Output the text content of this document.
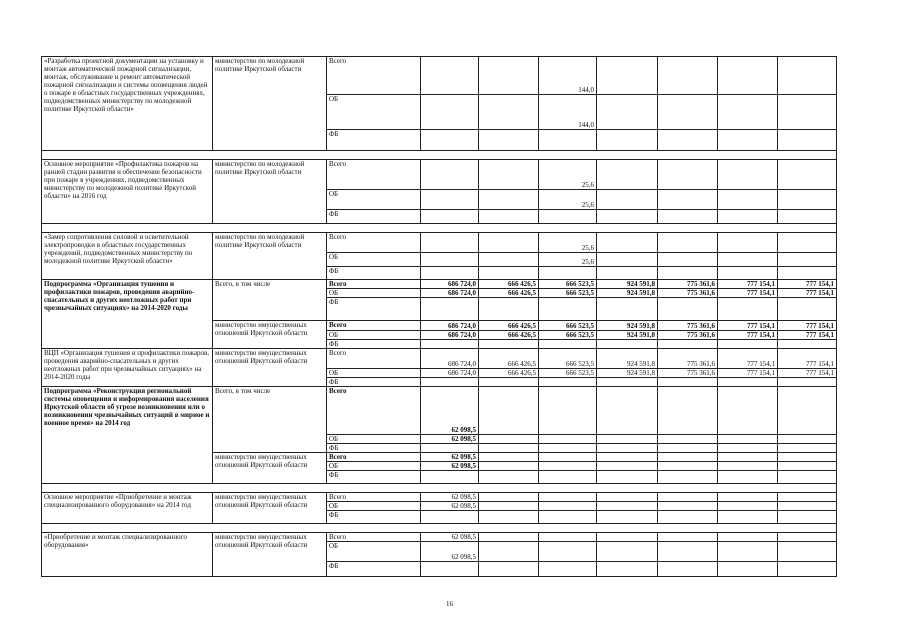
«Разработка проектной документации на установку и монтаж автоматической пожарной сигнализации, монтаж, обслуживание и ремонт автоматической пожарной сигнализации и системы оповещения людей о пожаре в областных государственных учреждениях, подведомственных министерству по молодежной политике Иркутской области»	министерство по молодежной политике Иркутской области	Всего			144,0				
		ОБ			144,0				
		ФБ							

Основное мероприятие «Профилактика пожаров на ранней стадии развития и обеспечение безопасности при пожаре в учреждениях, подведомственных министерству по молодежной политике Иркутской области» на 2016 год	министерство по молодежной политике Иркутской области	Всего			25,6				
		ОБ			25,6				
		ФБ							

«Замер сопротивления силовой и осветительной электропроводки в областных государственных учреждений, подведомственных министерству по молодежной политике Иркутской области»	министерство по молодежной политике Иркутской области	Всего			25,6				
		ОБ			25,6				
		ФБ							
Подпрограмма «Организация тушения и профилактики пожаров, проведения аварийно-спасательных и других неотложных работ при чрезвычайных ситуациях» на 2014-2020 годы	Всего, в том числе	Всего	686 724,0	666 426,5	666 523,5	924 591,8	775 361,6	777 154,1	777 154,1
		ОБ	686 724,0	666 426,5	666 523,5	924 591,8	775 361,6	777 154,1	777 154,1
		ФБ							
	министерство имущественных отношений Иркутской области	Всего	686 724,0	666 426,5	666 523,5	924 591,8	775 361,6	777 154,1	777 154,1
		ОБ	686 724,0	666 426,5	666 523,5	924 591,8	775 361,6	777 154,1	777 154,1
		ФБ							
ВЦП «Организация тушения и профилактики пожаров, проведения аварийно-спасательных и других неотложных работ при чрезвычайных ситуациях» на 2014-2020 годы	министерство имущественных отношений Иркутской области	Всего	686 724,0	666 426,5	666 523,5	924 591,8	775 361,6	777 154,1	777 154,1
		ОБ	686 724,0	666 426,5	666 523,5	924 591,8	775 361,6	777 154,1	777 154,1
		ФБ							
Подпрограмма «Реконструкция региональной системы оповещения и информирования населения Иркутской области об угрозе возникновения или о возникновении чрезвычайных ситуаций в мирное и военное время» на 2014 год	Всего, в том числе	Всего	62 098,5						
		ОБ	62 098,5						
		ФБ							
	министерство имущественных отношений Иркутской области	Всего	62 098,5						
		ОБ	62 098,5						
		ФБ							

Основное мероприятие «Приобретение и монтаж специализированного оборудования» на 2014 год	министерство имущественных отношений Иркутской области	Всего	62 098,5						
		ОБ	62 098,5						
		ФБ							

«Приобретение и монтаж специализированного оборудования»	министерство имущественных отношений Иркутской области	Всего	62 098,5						
		ОБ	62 098,5						
		ФБ							
16
